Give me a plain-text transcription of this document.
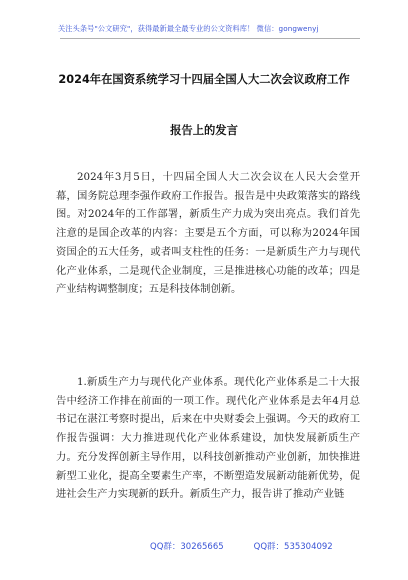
关注头条号"公文研究"，获得最新最全最专业的公文资料库！ 微信：gongwenyj
2024年在国资系统学习十四届全国人大二次会议政府工作
报告上的发言

2024年3月5日，十四届全国人大二次会议在人民大会堂开幕，国务院总理李强作政府工作报告。报告是中央政策落实的路线图。对2024年的工作部署，新质生产力成为突出亮点。我们首先注意的是国企改革的内容：主要是五个方面，可以称为2024年国资国企的五大任务，或者叫支柱性的任务：一是新质生产力与现代化产业体系，二是现代企业制度，三是推进核心功能的改革；四是产业结构调整制度；五是科技体制创新。

1.新质生产力与现代化产业体系。现代化产业体系是二十大报告中经济工作排在前面的一项工作。现代化产业体系是去年4月总书记在湛江考察时提出，后来在中央财委会上强调。今天的政府工作报告强调：大力推进现代化产业体系建设，加快发展新质生产力。充分发挥创新主导作用，以科技创新推动产业创新，加快推进新型工业化，提高全要素生产率，不断塑造发展新动能新优势，促进社会生产力实现新的跃升。新质生产力，报告讲了推动产业链

QQ群：30265665	QQ群：535304092
